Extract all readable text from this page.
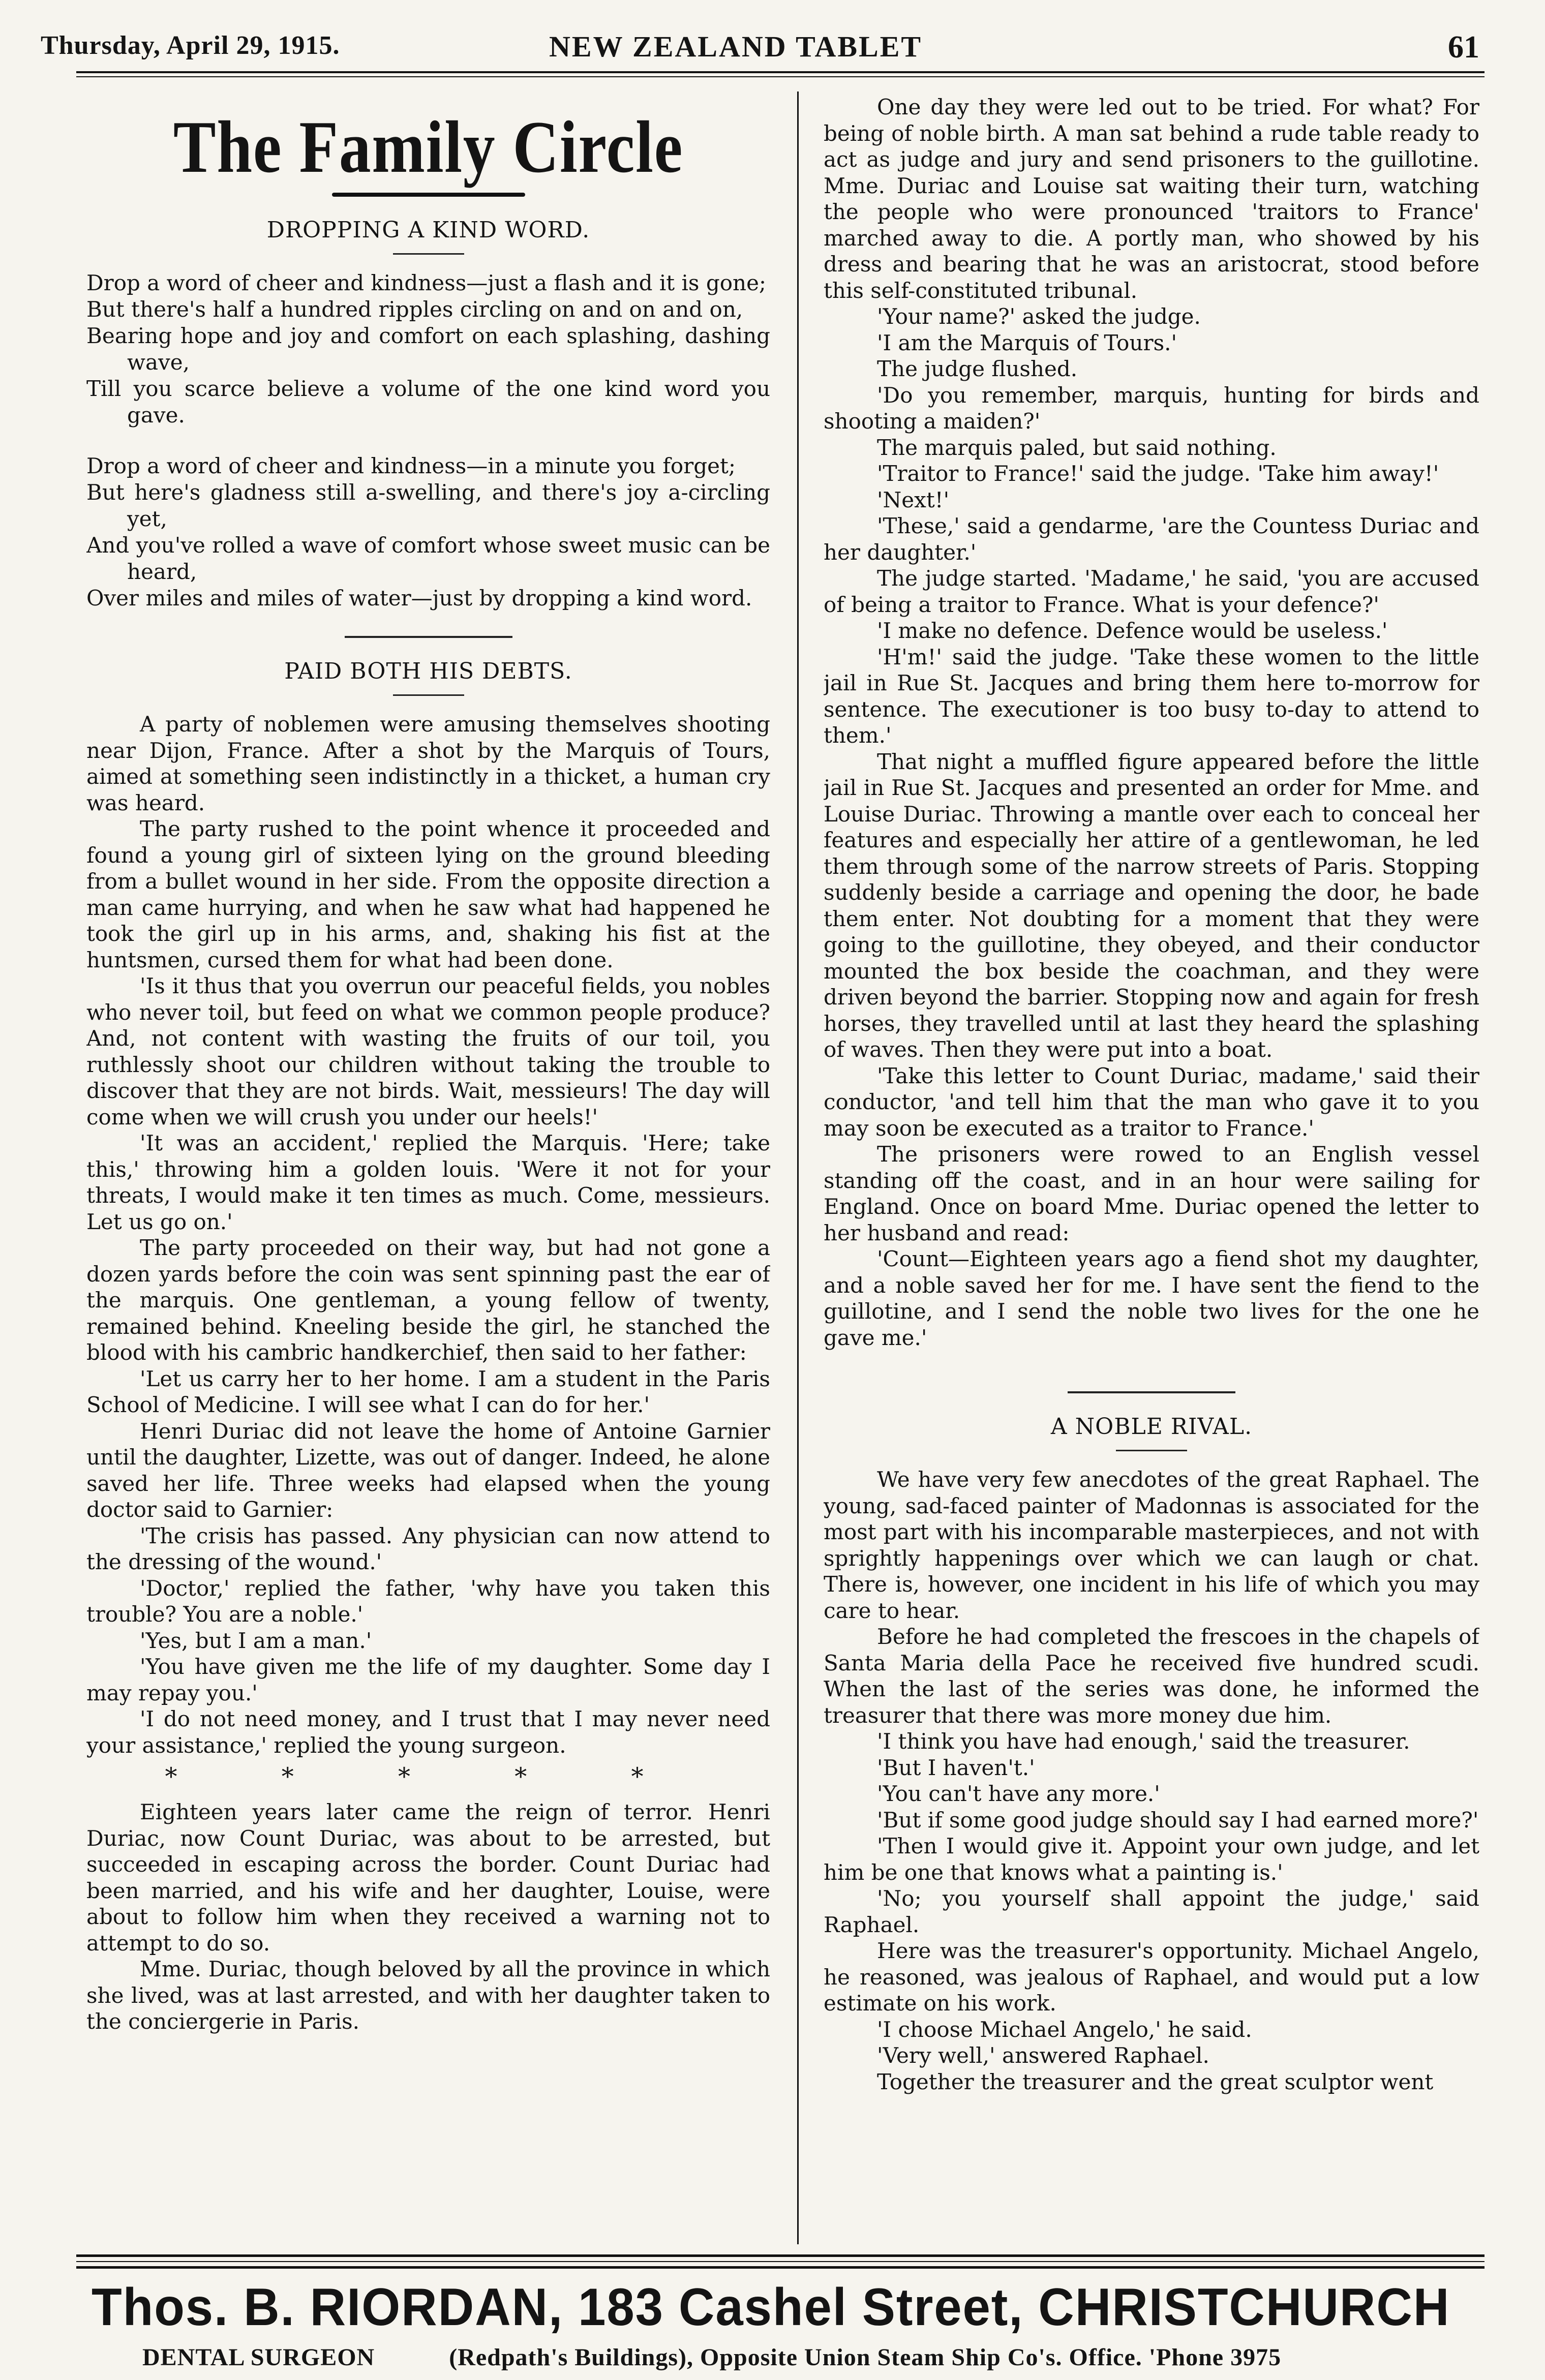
Thursday, April 29, 1915.	NEW ZEALAND TABLET	61
The Family Circle
DROPPING A KIND WORD.

Drop a word of cheer and kindness—just a flash and it is gone;

But there's half a hundred ripples circling on and on and on,

Bearing hope and joy and comfort on each splashing, dashing wave,

Till you scarce believe a volume of the one kind word you gave.

Drop a word of cheer and kindness—in a minute you forget;

But here's gladness still a-swelling, and there's joy a-circling yet,

And you've rolled a wave of comfort whose sweet music can be heard,

Over miles and miles of water—just by dropping a kind word.

PAID BOTH HIS DEBTS.

A party of noblemen were amusing themselves shooting near Dijon, France. After a shot by the Marquis of Tours, aimed at something seen indistinctly in a thicket, a human cry was heard.

The party rushed to the point whence it proceeded and found a young girl of sixteen lying on the ground bleeding from a bullet wound in her side. From the opposite direction a man came hurrying, and when he saw what had happened he took the girl up in his arms, and, shaking his fist at the huntsmen, cursed them for what had been done.

'Is it thus that you overrun our peaceful fields, you nobles who never toil, but feed on what we common people produce? And, not content with wasting the fruits of our toil, you ruthlessly shoot our children without taking the trouble to discover that they are not birds. Wait, messieurs! The day will come when we will crush you under our heels!'

'It was an accident,' replied the Marquis. 'Here; take this,' throwing him a golden louis. 'Were it not for your threats, I would make it ten times as much. Come, messieurs. Let us go on.'

The party proceeded on their way, but had not gone a dozen yards before the coin was sent spinning past the ear of the marquis. One gentleman, a young fellow of twenty, remained behind. Kneeling beside the girl, he stanched the blood with his cambric handkerchief, then said to her father:

'Let us carry her to her home. I am a student in the Paris School of Medicine. I will see what I can do for her.'

Henri Duriac did not leave the home of Antoine Garnier until the daughter, Lizette, was out of danger. Indeed, he alone saved her life. Three weeks had elapsed when the young doctor said to Garnier:

'The crisis has passed. Any physician can now attend to the dressing of the wound.'

'Doctor,' replied the father, 'why have you taken this trouble? You are a noble.'

'Yes, but I am a man.'

'You have given me the life of my daughter. Some day I may repay you.'

'I do not need money, and I trust that I may never need your assistance,' replied the young surgeon.

* * * * *

Eighteen years later came the reign of terror. Henri Duriac, now Count Duriac, was about to be arrested, but succeeded in escaping across the border. Count Duriac had been married, and his wife and her daughter, Louise, were about to follow him when they received a warning not to attempt to do so.

Mme. Duriac, though beloved by all the province in which she lived, was at last arrested, and with her daughter taken to the conciergerie in Paris.

One day they were led out to be tried. For what? For being of noble birth. A man sat behind a rude table ready to act as judge and jury and send prisoners to the guillotine. Mme. Duriac and Louise sat waiting their turn, watching the people who were pronounced 'traitors to France' marched away to die. A portly man, who showed by his dress and bearing that he was an aristocrat, stood before this self-constituted tribunal.

'Your name?' asked the judge.

'I am the Marquis of Tours.'

The judge flushed.

'Do you remember, marquis, hunting for birds and shooting a maiden?'

The marquis paled, but said nothing.

'Traitor to France!' said the judge. 'Take him away!'

'Next!'

'These,' said a gendarme, 'are the Countess Duriac and her daughter.'

The judge started. 'Madame,' he said, 'you are accused of being a traitor to France. What is your defence?'

'I make no defence. Defence would be useless.'

'H'm!' said the judge. 'Take these women to the little jail in Rue St. Jacques and bring them here to-morrow for sentence. The executioner is too busy to-day to attend to them.'

That night a muffled figure appeared before the little jail in Rue St. Jacques and presented an order for Mme. and Louise Duriac. Throwing a mantle over each to conceal her features and especially her attire of a gentlewoman, he led them through some of the narrow streets of Paris. Stopping suddenly beside a carriage and opening the door, he bade them enter. Not doubting for a moment that they were going to the guillotine, they obeyed, and their conductor mounted the box beside the coachman, and they were driven beyond the barrier. Stopping now and again for fresh horses, they travelled until at last they heard the splashing of waves. Then they were put into a boat.

'Take this letter to Count Duriac, madame,' said their conductor, 'and tell him that the man who gave it to you may soon be executed as a traitor to France.'

The prisoners were rowed to an English vessel standing off the coast, and in an hour were sailing for England. Once on board Mme. Duriac opened the letter to her husband and read:

'Count—Eighteen years ago a fiend shot my daughter, and a noble saved her for me. I have sent the fiend to the guillotine, and I send the noble two lives for the one he gave me.'

A NOBLE RIVAL.

We have very few anecdotes of the great Raphael. The young, sad-faced painter of Madonnas is associated for the most part with his incomparable masterpieces, and not with sprightly happenings over which we can laugh or chat. There is, however, one incident in his life of which you may care to hear.

Before he had completed the frescoes in the chapels of Santa Maria della Pace he received five hundred scudi. When the last of the series was done, he informed the treasurer that there was more money due him.

'I think you have had enough,' said the treasurer.

'But I haven't.'

'You can't have any more.'

'But if some good judge should say I had earned more?'

'Then I would give it. Appoint your own judge, and let him be one that knows what a painting is.'

'No; you yourself shall appoint the judge,' said Raphael.

Here was the treasurer's opportunity. Michael Angelo, he reasoned, was jealous of Raphael, and would put a low estimate on his work.

'I choose Michael Angelo,' he said.

'Very well,' answered Raphael.

Together the treasurer and the great sculptor went

Thos. B. RIORDAN, 183 Cashel Street, CHRISTCHURCH
DENTAL SURGEON	(Redpath's Buildings), Opposite Union Steam Ship Co's. Office. 'Phone 3975
